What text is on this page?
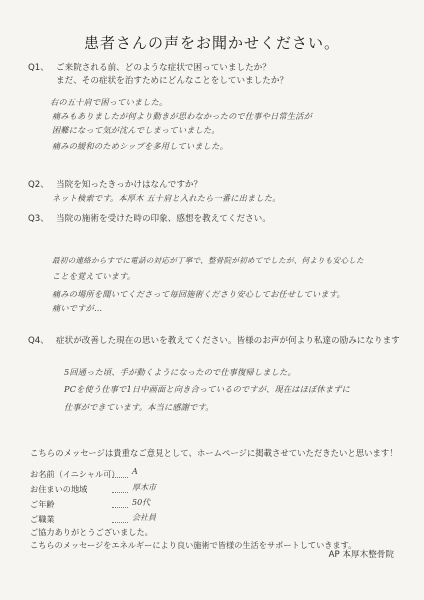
患者さんの声をお聞かせください。
Q1、 ご来院される前、どのような症状で困っていましたか？
まだ、その症状を治すためにどんなことをしていましたか？
右の五十肩で困っていました。
痛みもありましたが何より動きが思わなかったので仕事や日常生活が
困難になって気が沈んでしまっていました。
痛みの緩和のためシップを多用していました。
Q2、 当院を知ったきっかけはなんですか？
ネット検索です。本厚木 五十肩と入れたら一番に出ました。
Q3、 当院の施術を受けた時の印象、感想を教えてください。
最初の連絡からすでに電話の対応が丁寧で、整骨院が初めてでしたが、何よりも安心した
ことを覚えています。
痛みの場所を聞いてくださって毎回施術くださり安心してお任せしています。
痛いですが…
Q4、 症状が改善した現在の思いを教えてください。皆様のお声が何より私達の励みになります
5回通った頃、手が動くようになったので仕事復帰しました。
PCを使う仕事で1日中画面と向き合っているのですが、現在はほぼ休まずに
仕事ができています。本当に感謝です。
こちらのメッセージは貴重なご意見として、ホームページに掲載させていただきたいと思います！
お名前（イニシャル可） A
お住まいの地域	厚木市
ご年齢	50代
ご職業	会社員
ご協力ありがとうございました。
こちらのメッセージをエネルギーにより良い施術で皆様の生活をサポートしていきます。
AP 本厚木整骨院
